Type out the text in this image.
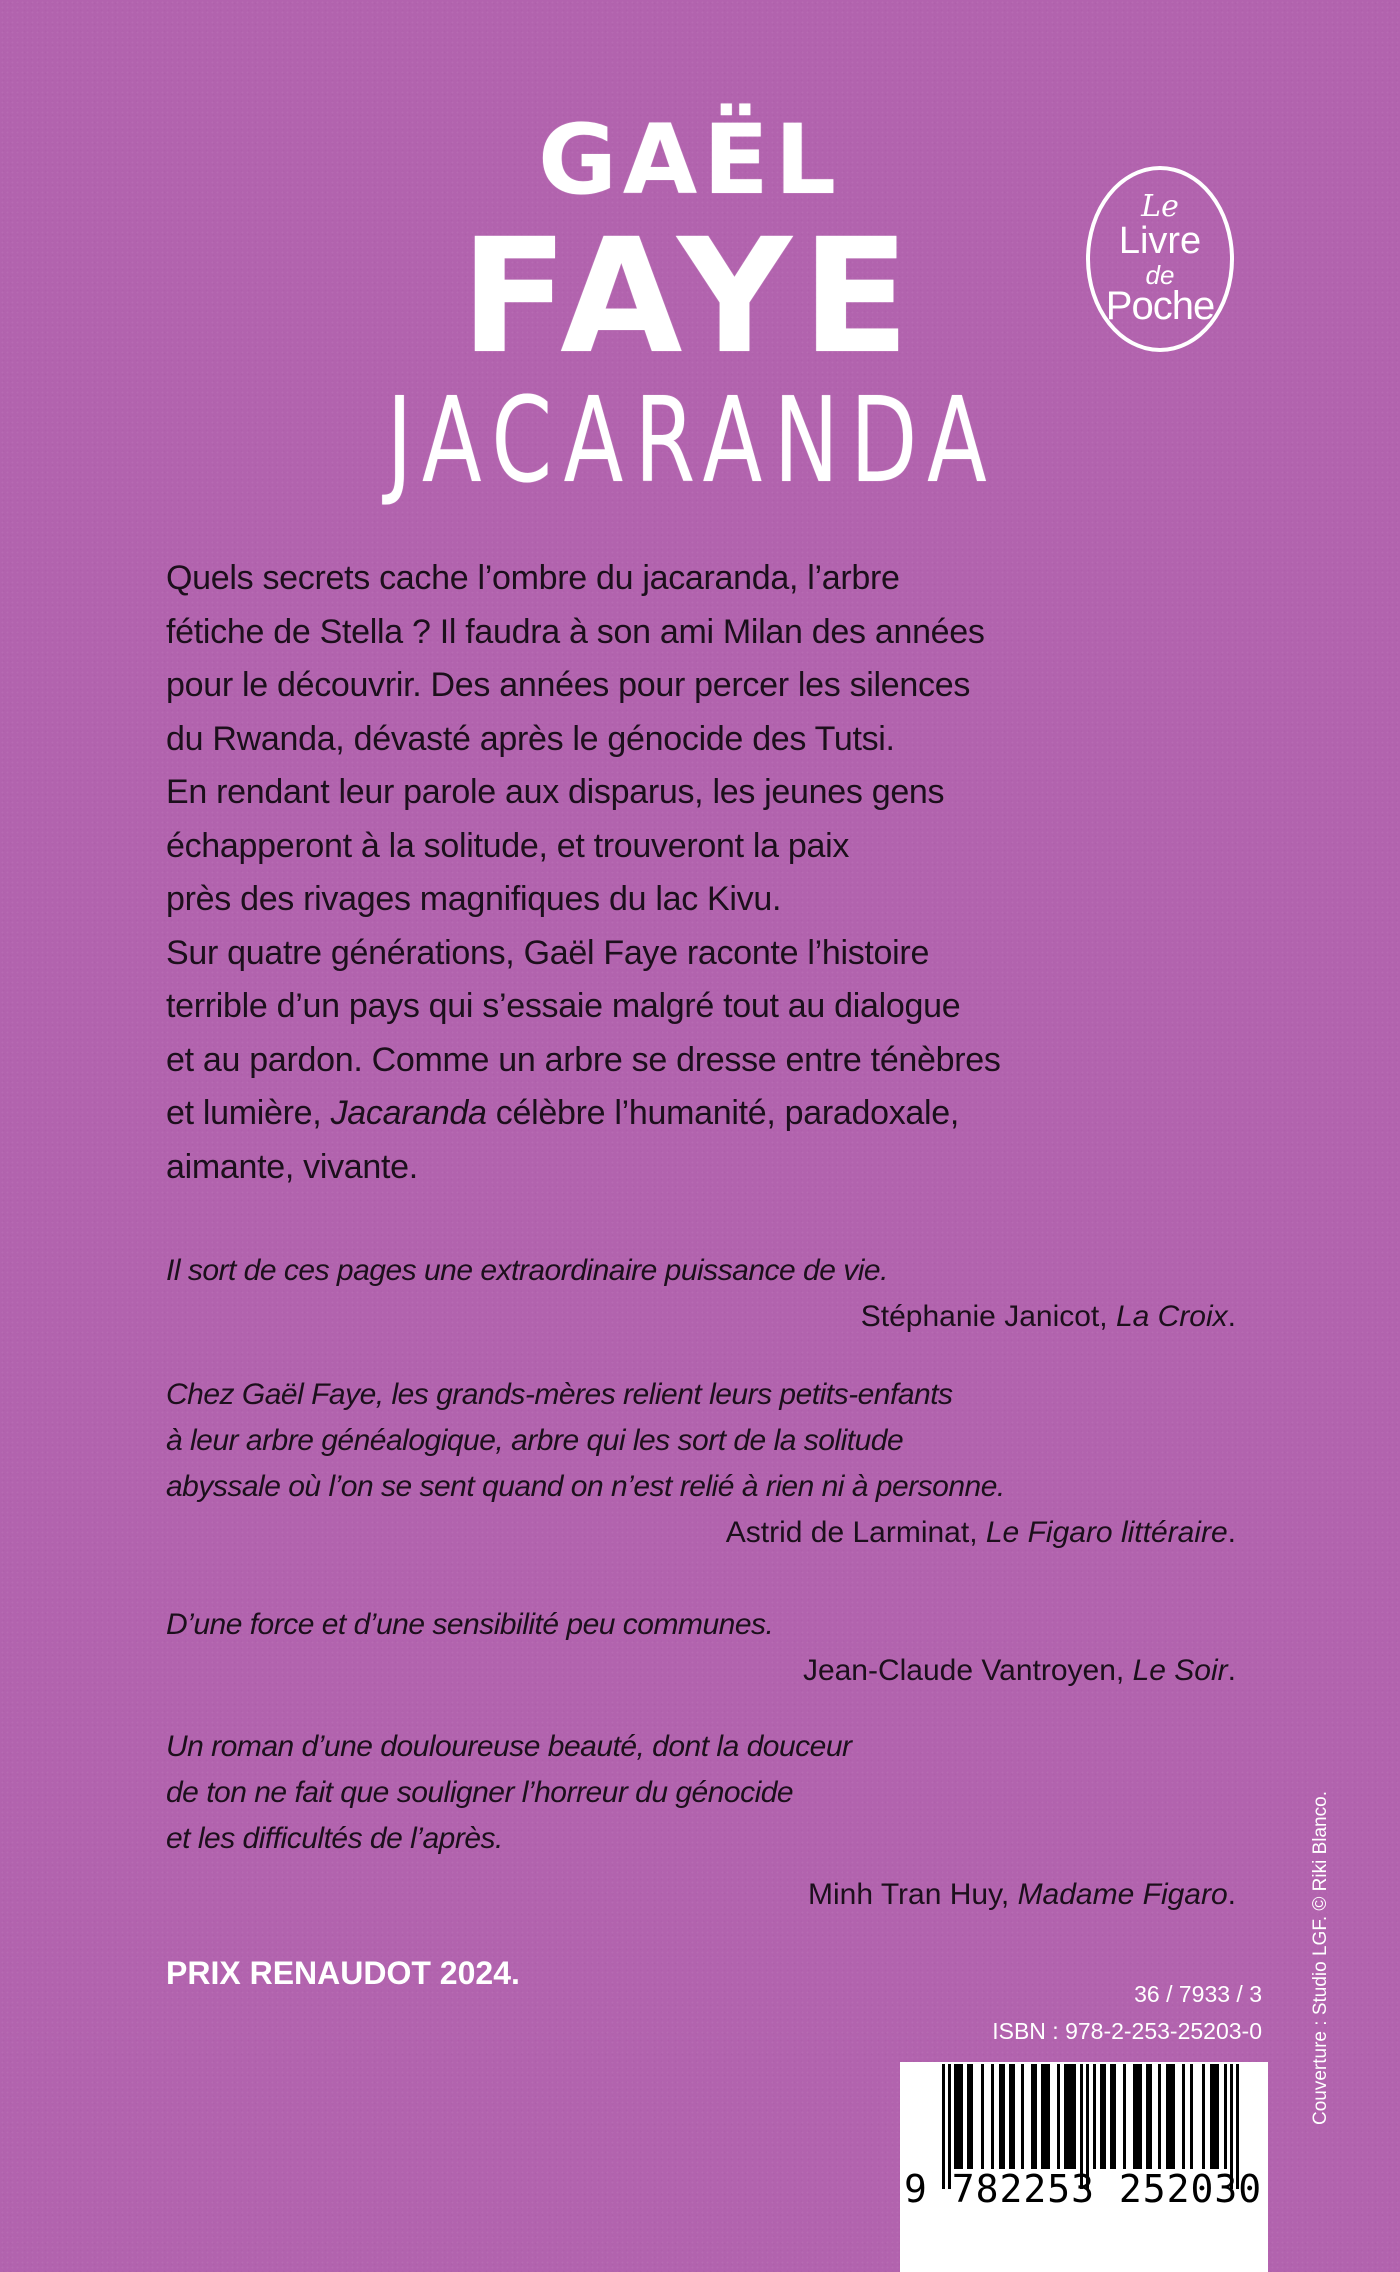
GAËL
FAYE
JACARANDA
Le
Livre
de
Poche
Quels secrets cache l’ombre du jacaranda, l’arbre
fétiche de Stella ? Il faudra à son ami Milan des années
pour le découvrir. Des années pour percer les silences
du Rwanda, dévasté après le génocide des Tutsi.
En rendant leur parole aux disparus, les jeunes gens
échapperont à la solitude, et trouveront la paix
près des rivages magnifiques du lac Kivu.
Sur quatre générations, Gaël Faye raconte l’histoire
terrible d’un pays qui s’essaie malgré tout au dialogue
et au pardon. Comme un arbre se dresse entre ténèbres
et lumière, Jacaranda célèbre l’humanité, paradoxale,
aimante, vivante.
Il sort de ces pages une extraordinaire puissance de vie.
Stéphanie Janicot, La Croix.
Chez Gaël Faye, les grands-mères relient leurs petits-enfants
à leur arbre généalogique, arbre qui les sort de la solitude
abyssale où l’on se sent quand on n’est relié à rien ni à personne.
Astrid de Larminat, Le Figaro littéraire.
D’une force et d’une sensibilité peu communes.
Jean-Claude Vantroyen, Le Soir.
Un roman d’une douloureuse beauté, dont la douceur
de ton ne fait que souligner l’horreur du génocide
et les difficultés de l’après.
Minh Tran Huy, Madame Figaro.
PRIX RENAUDOT 2024.
36 / 7933 / 3
ISBN : 978-2-253-25203-0	Couverture : Studio LGF. © Riki Blanco.
9 782253 252030
